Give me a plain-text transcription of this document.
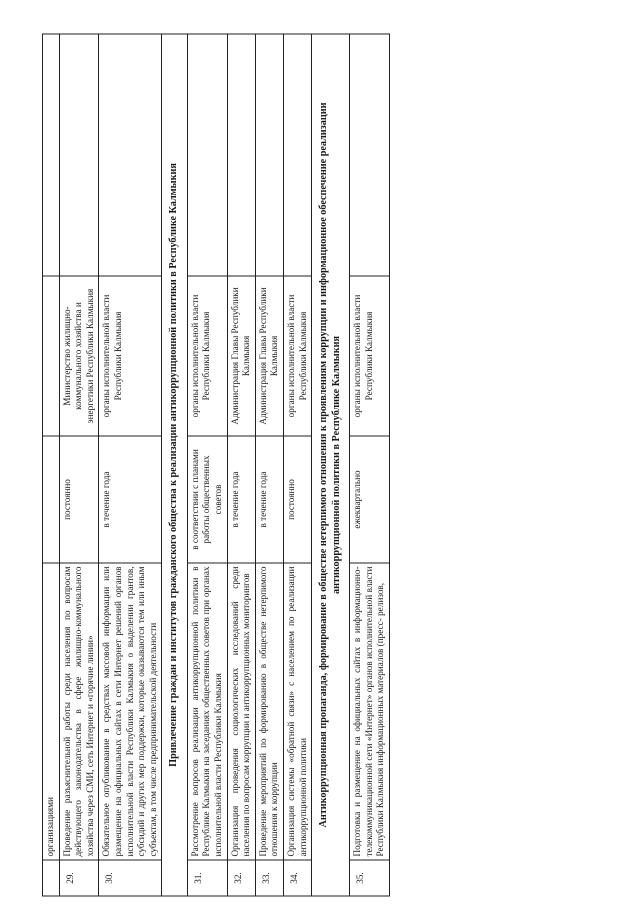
	организациями			
29.	Проведение разъяснительной работы среди населения по вопросам действующего законодательства в сфере жилищно-коммунального хозяйства через СМИ, сеть Интернет и «горячие линии»	постоянно	Министерство жилищно- коммунального хозяйства и энергетики Республики Калмыкия	
30.	Обязательное опубликование в средствах массовой информации или размещение на официальных сайтах в сети Интернет решений органов исполнительной власти Республики Калмыкия о выделении грантов, субсидий и других мер поддержки, которые оказываются тем или иным субъектам, в том числе предпринимательской деятельности	в течение года	органы исполнительной власти Республики Калмыкия	
Привлечение граждан и институтов гражданского общества к реализации антикоррупционной политики в Республике Калмыкия				
31.	Рассмотрение вопросов реализации антикоррупционной политики в Республике Калмыкия на заседаниях общественных советов при органах исполнительной власти Республики Калмыкия	в соответствии с планами работы общественных советов	органы исполнительной власти Республики Калмыкия	
32.	Организация проведения социологических исследований среди населения по вопросам коррупции и антикоррупционных мониторингов	в течение года	Администрация Главы Республики Калмыкия	
33.	Проведение мероприятий по формированию в обществе нетерпимого отношения к коррупции	в течение года	Администрация Главы Республики Калмыкия	
34.	Организация системы «обратной связи» с населением по реализации антикоррупционной политики	постоянно	органы исполнительной власти Республики Калмыкия	
Антикоррупционная пропаганда, формирование в обществе нетерпимого отношения к проявлениям коррупции и информационное обеспечение реализации антикоррупционной политики в Республике Калмыкия				
35.	Подготовка и размещение на официальных сайтах в информационно-телекоммуникационной сети «Интернет» органов исполнительной власти Республики Калмыкия информационных материалов (пресс- релизов,	ежеквартально	органы исполнительной власти Республики Калмыкия	
